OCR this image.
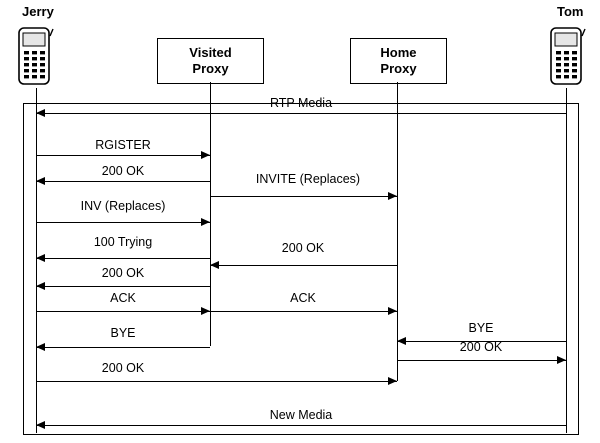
Jerry	Tom
Visited
Proxy
Home
Proxy
RTP Media
RGISTER
200 OK
INVITE (Replaces)
INV (Replaces)
100 Trying	200 OK
200 OK
ACK	ACK
BYE
BYE
200 OK
200 OK
New Media
